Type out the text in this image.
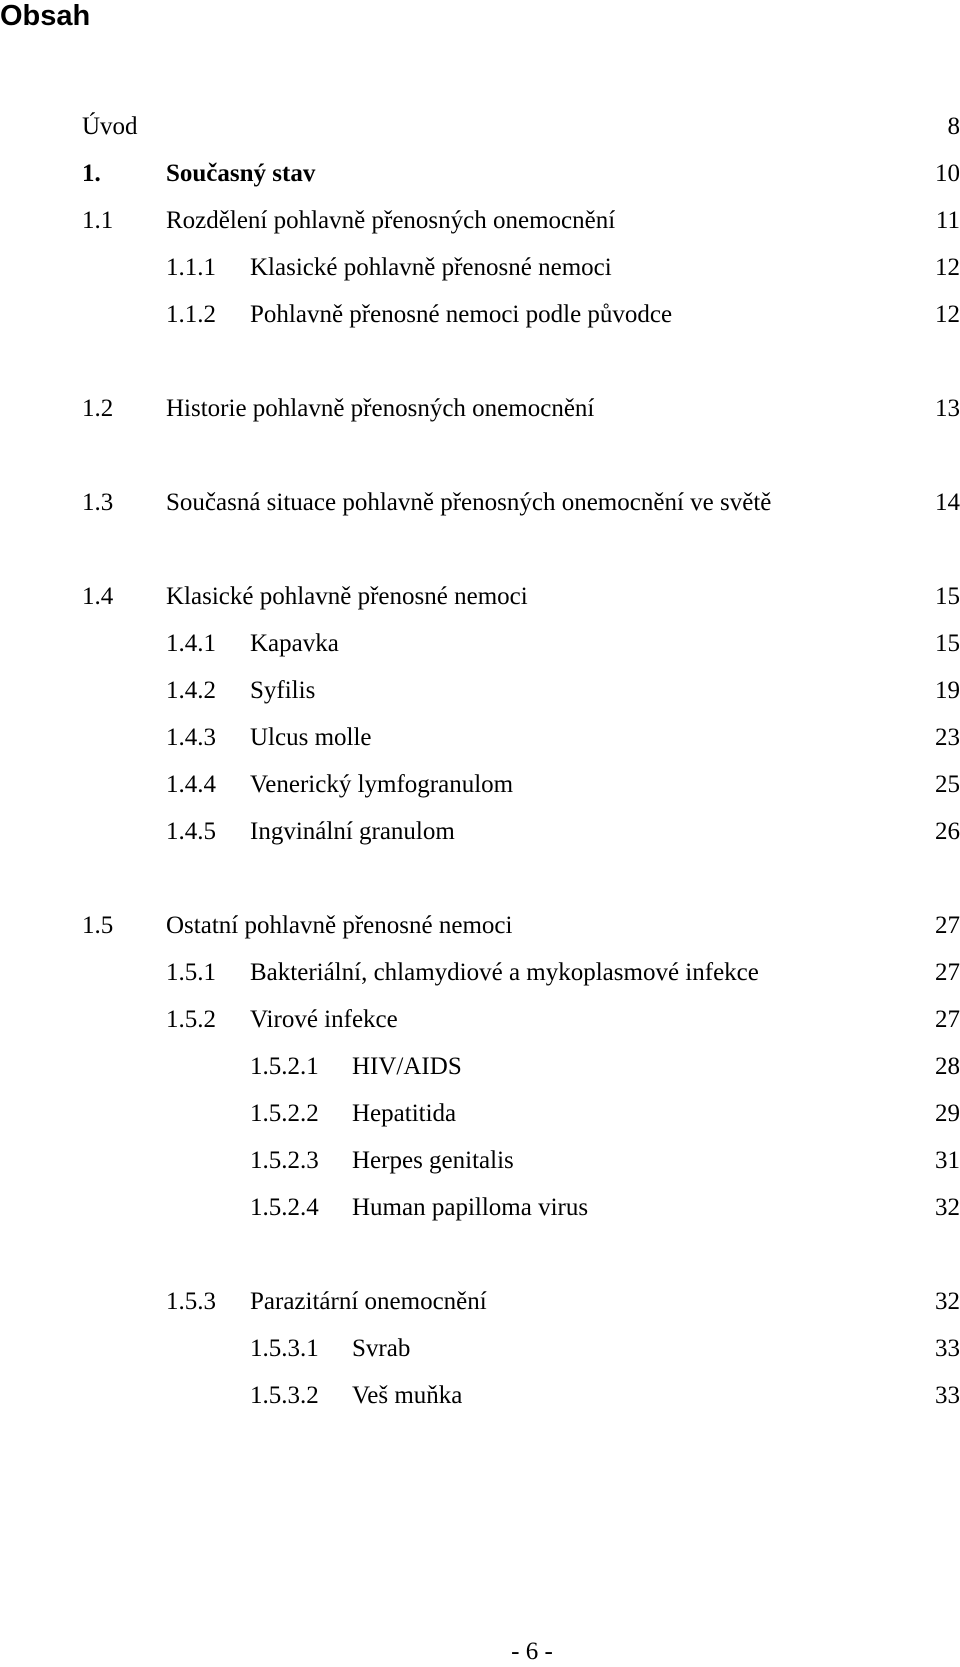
Obsah
Úvod	8
1.	Současný stav	10
1.1 Rozdělení pohlavně přenosných onemocnění	11
1.1.1 Klasické pohlavně přenosné nemoci	12
1.1.2 Pohlavně přenosné nemoci podle původce	12
1.2 Historie pohlavně přenosných onemocnění	13
1.3 Současná situace pohlavně přenosných onemocnění ve světě	14
1.4 Klasické pohlavně přenosné nemoci	15
1.4.1 Kapavka	15
1.4.2 Syfilis	19
1.4.3 Ulcus molle	23
1.4.4 Venerický lymfogranulom	25
1.4.5 Ingvinální granulom	26
1.5 Ostatní pohlavně přenosné nemoci	27
1.5.1 Bakteriální, chlamydiové a mykoplasmové infekce	27
1.5.2 Virové infekce	27
1.5.2.1 HIV/AIDS	28
1.5.2.2 Hepatitida	29
1.5.2.3 Herpes genitalis	31
1.5.2.4 Human papilloma virus	32
1.5.3 Parazitární onemocnění	32
1.5.3.1 Svrab	33
1.5.3.2 Veš muňka	33
- 6 -
